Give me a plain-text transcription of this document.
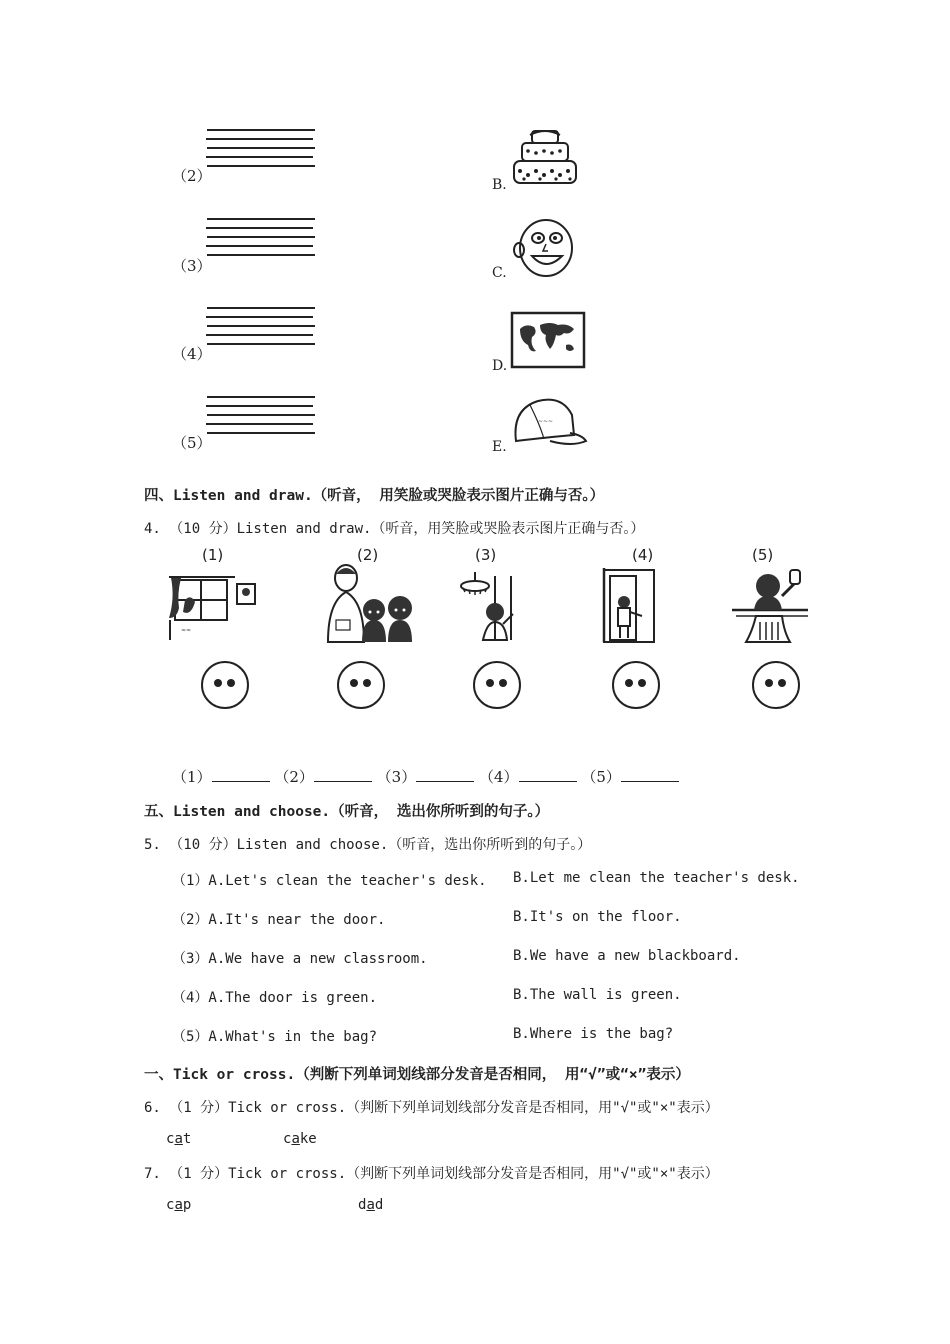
（2）
（3）
（4）
（5）
B.
C.
D.
E.
~~~
四、Listen and draw.（听音， 用笑脸或哭脸表示图片正确与否。）
4. （10 分）Listen and draw.（听音，用笑脸或哭脸表示图片正确与否。）
(1)
≈≈
(2)	(3)	(4)	(5)
（1）	（2）	（3）	（4）	（5）
五、Listen and choose.（听音， 选出你所听到的句子。）
5. （10 分）Listen and choose.（听音，选出你所听到的句子。）
（1）A.Let's clean the teacher's desk. B.Let me clean the teacher's desk.
（2）A.It's near the door.	B.It's on the floor.
（3）A.We have a new classroom.	B.We have a new blackboard.
（4）A.The door is green.	B.The wall is green.
（5）A.What's in the bag?	B.Where is the bag?
一、Tick or cross.（判断下列单词划线部分发音是否相同， 用“√”或“×”表示）
6. （1 分）Tick or cross.（判断下列单词划线部分发音是否相同，用"√"或"×"表示）
cat	cake
7. （1 分）Tick or cross.（判断下列单词划线部分发音是否相同，用"√"或"×"表示）
cap	dad
